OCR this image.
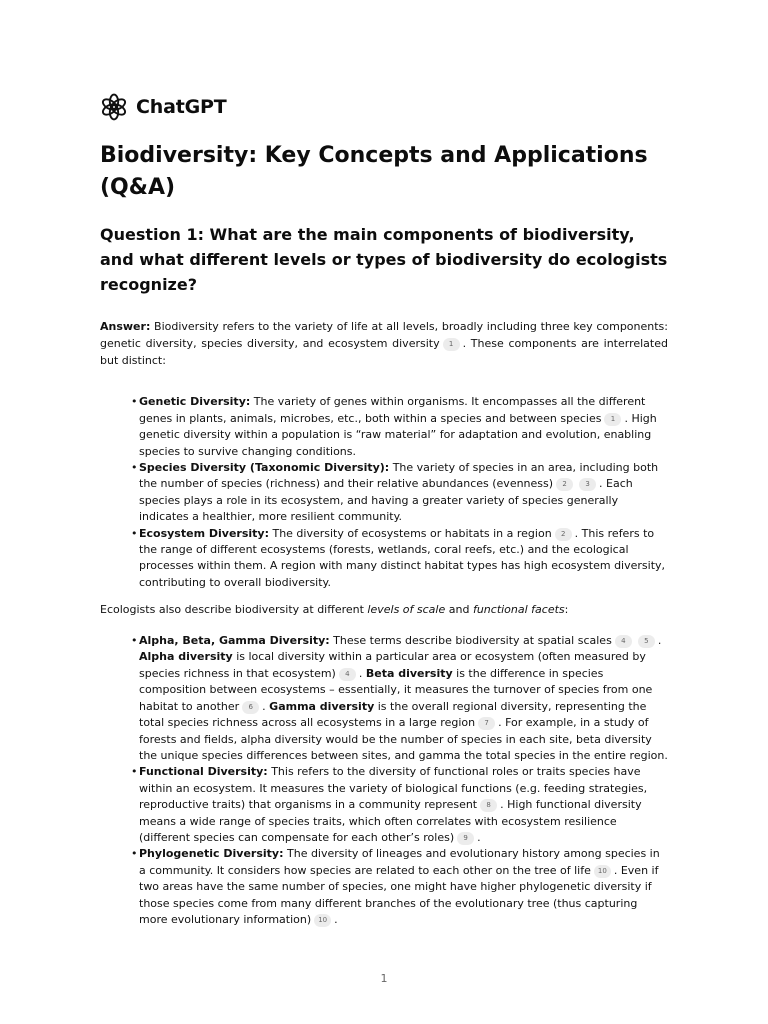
ChatGPT
Biodiversity: Key Concepts and Applications (Q&A)
Question 1: What are the main components of biodiversity, and what different levels or types of biodiversity do ecologists recognize?

Answer: Biodiversity refers to the variety of life at all levels, broadly including three key components: genetic diversity, species diversity, and ecosystem diversity 1 . These components are interrelated but distinct:

• Genetic Diversity: The variety of genes within organisms. It encompasses all the different genes in plants, animals, microbes, etc., both within a species and between species 1 . High genetic diversity within a population is “raw material” for adaptation and evolution, enabling species to survive changing conditions.
• Species Diversity (Taxonomic Diversity): The variety of species in an area, including both the number of species (richness) and their relative abundances (evenness) 2	3 . Each species plays a role in its ecosystem, and having a greater variety of species generally indicates a healthier, more resilient community.
• Ecosystem Diversity: The diversity of ecosystems or habitats in a region 2 . This refers to the range of different ecosystems (forests, wetlands, coral reefs, etc.) and the ecological processes within them. A region with many distinct habitat types has high ecosystem diversity, contributing to overall biodiversity.

Ecologists also describe biodiversity at different levels of scale and functional facets:

• Alpha, Beta, Gamma Diversity: These terms describe biodiversity at spatial scales 4	5 . Alpha diversity is local diversity within a particular area or ecosystem (often measured by species richness in that ecosystem) 4 . Beta diversity is the difference in species composition between ecosystems – essentially, it measures the turnover of species from one habitat to another 6 . Gamma diversity is the overall regional diversity, representing the total species richness across all ecosystems in a large region 7 . For example, in a study of forests and fields, alpha diversity would be the number of species in each site, beta diversity the unique species differences between sites, and gamma the total species in the entire region.
• Functional Diversity: This refers to the diversity of functional roles or traits species have within an ecosystem. It measures the variety of biological functions (e.g. feeding strategies, reproductive traits) that organisms in a community represent 8 . High functional diversity means a wide range of species traits, which often correlates with ecosystem resilience (different species can compensate for each other’s roles) 9 .
• Phylogenetic Diversity: The diversity of lineages and evolutionary history among species in a community. It considers how species are related to each other on the tree of life 10 . Even if two areas have the same number of species, one might have higher phylogenetic diversity if those species come from many different branches of the evolutionary tree (thus capturing more evolutionary information) 10 .
1
